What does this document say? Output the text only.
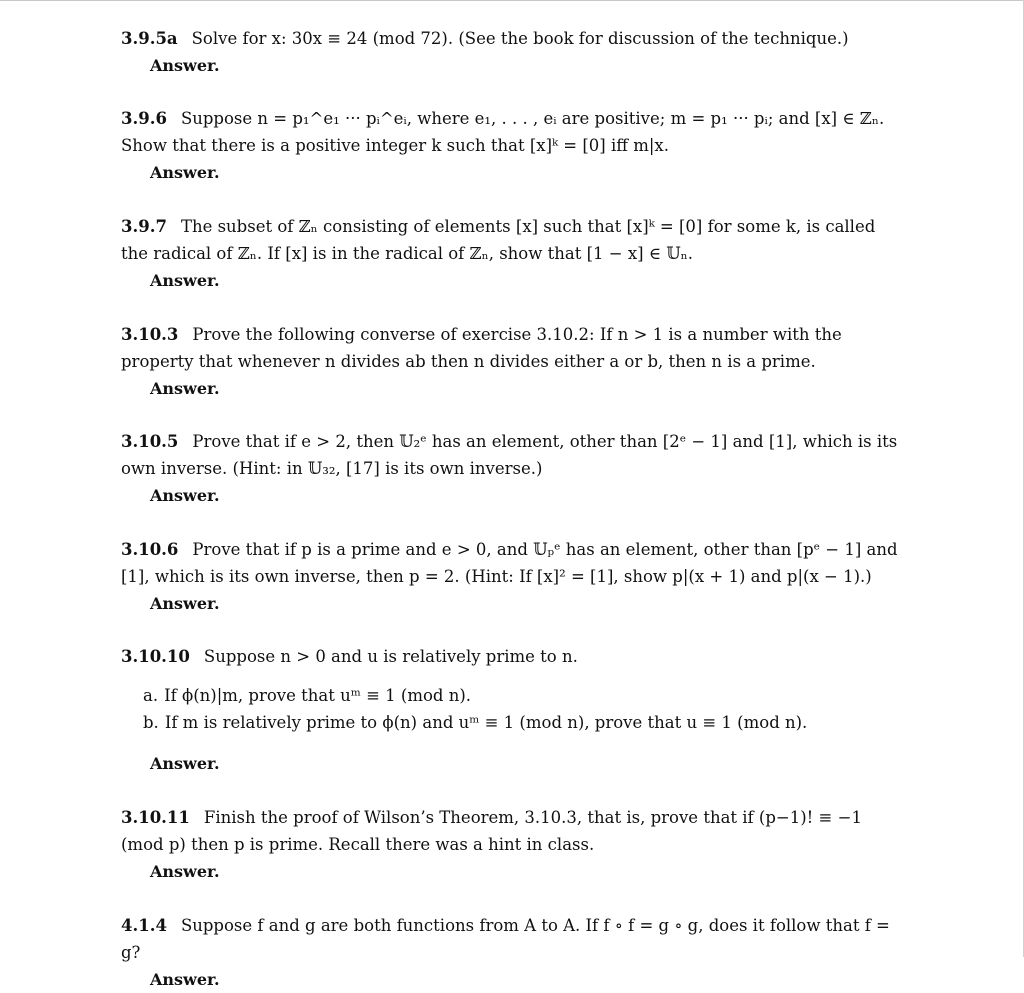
3.9.5a Solve for x: 30x ≡ 24 (mod 72). (See the book for discussion of the technique.)
Answer.
3.9.6 Suppose n = p₁^e₁ ··· pᵢ^eᵢ, where e₁, . . . , eᵢ are positive; m = p₁ ··· pᵢ; and [x] ∈ ℤₙ. Show that there is a positive integer k such that [x]ᵏ = [0] iff m|x.
Answer.
3.9.7 The subset of ℤₙ consisting of elements [x] such that [x]ᵏ = [0] for some k, is called the radical of ℤₙ. If [x] is in the radical of ℤₙ, show that [1 − x] ∈ 𝕌ₙ.
Answer.
3.10.3 Prove the following converse of exercise 3.10.2: If n > 1 is a number with the property that whenever n divides ab then n divides either a or b, then n is a prime.
Answer.
3.10.5 Prove that if e > 2, then 𝕌₂ᵉ has an element, other than [2ᵉ − 1] and [1], which is its own inverse. (Hint: in 𝕌₃₂, [17] is its own inverse.)
Answer.
3.10.6 Prove that if p is a prime and e > 0, and 𝕌ₚᵉ has an element, other than [pᵉ − 1] and [1], which is its own inverse, then p = 2. (Hint: If [x]² = [1], show p|(x + 1) and p|(x − 1).)
Answer.
3.10.10 Suppose n > 0 and u is relatively prime to n.
a. If ϕ(n)|m, prove that uᵐ ≡ 1 (mod n).
b. If m is relatively prime to ϕ(n) and uᵐ ≡ 1 (mod n), prove that u ≡ 1 (mod n).
Answer.
3.10.11 Finish the proof of Wilson’s Theorem, 3.10.3, that is, prove that if (p−1)! ≡ −1 (mod p) then p is prime. Recall there was a hint in class.
Answer.
4.1.4 Suppose f and g are both functions from A to A. If f ∘ f = g ∘ g, does it follow that f = g?
Answer.
